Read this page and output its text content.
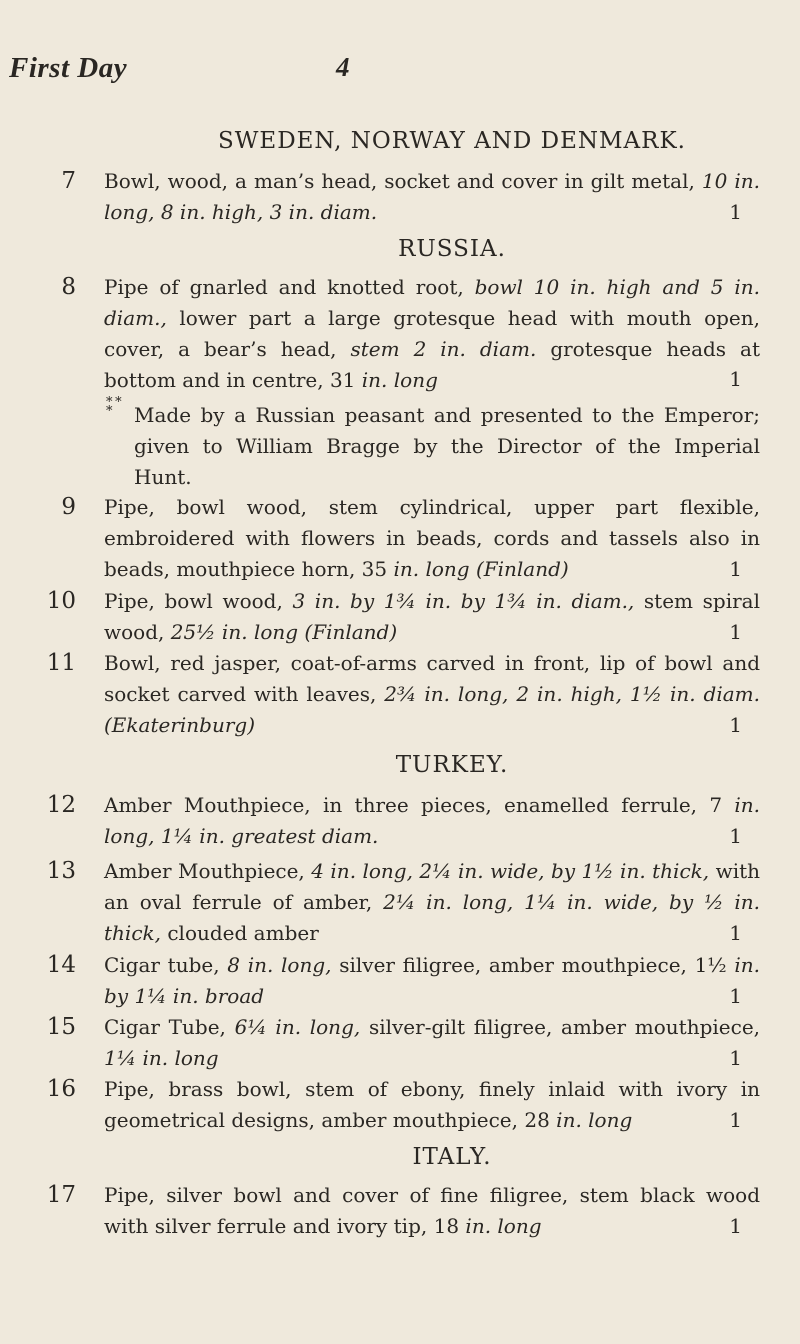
First Day	4
SWEDEN, NORWAY AND DENMARK.
7 Bowl, wood, a man’s head, socket and cover in gilt metal, 10 in. long, 8 in. high, 3 in. diam.	1
RUSSIA.
8 Pipe of gnarled and knotted root, bowl 10 in. high and 5 in. diam., lower part a large grotesque head with mouth open, cover, a bear’s head, stem 2 in. diam. grotesque heads at bottom and in centre, 31 in. long	1
* *
*	Made by a Russian peasant and presented to the Emperor; given to William Bragge by the Director of the Imperial Hunt.
9 Pipe, bowl wood, stem cylindrical, upper part flexible, embroidered with flowers in beads, cords and tassels also in beads, mouthpiece horn, 35 in. long (Finland)	1
10 Pipe, bowl wood, 3 in. by 1¾ in. by 1¾ in. diam., stem spiral wood, 25½ in. long (Finland)	1
11 Bowl, red jasper, coat-of-arms carved in front, lip of bowl and socket carved with leaves, 2¾ in. long, 2 in. high, 1½ in. diam. (Ekaterinburg)	1
TURKEY.
12 Amber Mouthpiece, in three pieces, enamelled ferrule, 7 in. long, 1¼ in. greatest diam.	1
13 Amber Mouthpiece, 4 in. long, 2¼ in. wide, by 1½ in. thick, with an oval ferrule of amber, 2¼ in. long, 1¼ in. wide, by ½ in. thick, clouded amber	1
14 Cigar tube, 8 in. long, silver filigree, amber mouthpiece, 1½ in. by 1¼ in. broad	1
15 Cigar Tube, 6¼ in. long, silver-gilt filigree, amber mouthpiece, 1¼ in. long	1
16 Pipe, brass bowl, stem of ebony, finely inlaid with ivory in geometrical designs, amber mouthpiece, 28 in. long	1
ITALY.
17 Pipe, silver bowl and cover of fine filigree, stem black wood with silver ferrule and ivory tip, 18 in. long	1
